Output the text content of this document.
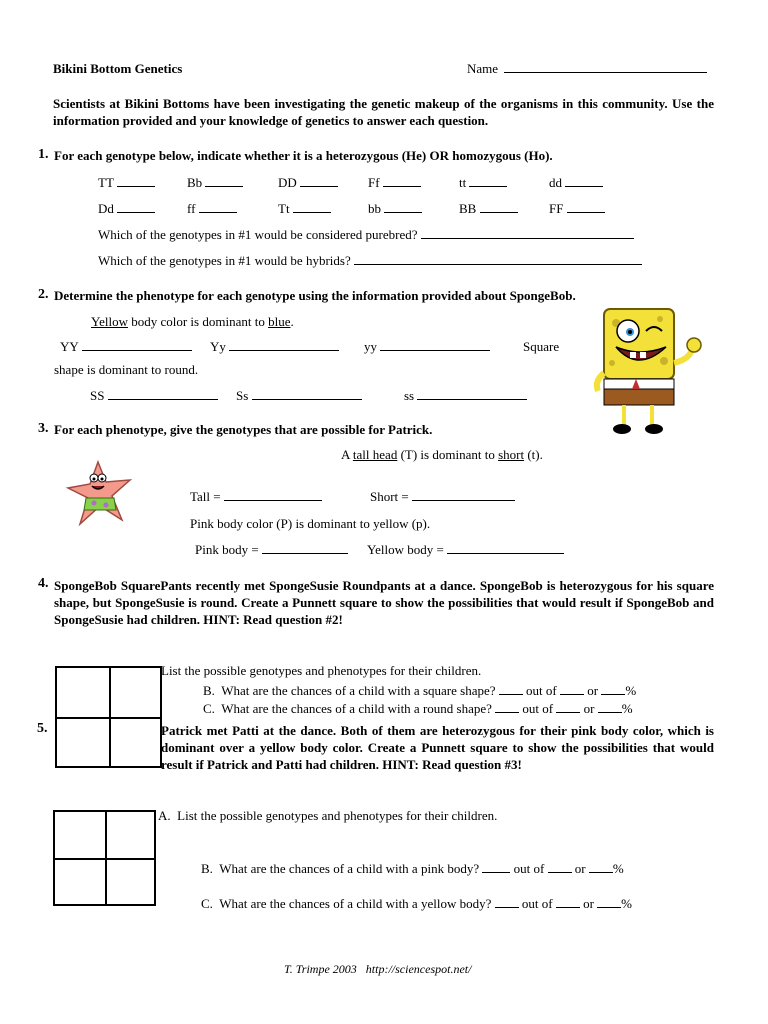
Bikini Bottom Genetics	Name
Scientists at Bikini Bottoms have been investigating the genetic makeup of the organisms in this community. Use the information provided and your knowledge of genetics to answer each question.
1. For each genotype below, indicate whether it is a heterozygous (He) OR homozygous (Ho).
TT	Bb	DD	Ff	tt	dd
Dd	ff	Tt	bb	BB	FF
Which of the genotypes in #1 would be considered purebred?
Which of the genotypes in #1 would be hybrids?
2. Determine the phenotype for each genotype using the information provided about SpongeBob.
Yellow body color is dominant to blue.
YY	Yy	yy	Square
shape is dominant to round.
SS	Ss	ss
3. For each phenotype, give the genotypes that are possible for Patrick.
A tall head (T) is dominant to short (t).
Tall =	Short =
Pink body color (P) is dominant to yellow (p).
Pink body =	Yellow body =
4. SpongeBob SquarePants recently met SpongeSusie Roundpants at a dance. SpongeBob is heterozygous for his square shape, but SpongeSusie is round. Create a Punnett square to show the possibilities that would result if SpongeBob and SpongeSusie had children. HINT: Read question #2!
List the possible genotypes and phenotypes for their children.
B. What are the chances of a child with a square shape? out of or %
C. What are the chances of a child with a round shape? out of or %
5.	Patrick met Patti at the dance. Both of them are heterozygous for their pink body color, which is dominant over a yellow body color. Create a Punnett square to show the possibilities that would result if Patrick and Patti had children. HINT: Read question #3!
A. List the possible genotypes and phenotypes for their children.
B. What are the chances of a child with a pink body?	out of or %
C. What are the chances of a child with a yellow body? out of or %
T. Trimpe 2003 http://sciencespot.net/
